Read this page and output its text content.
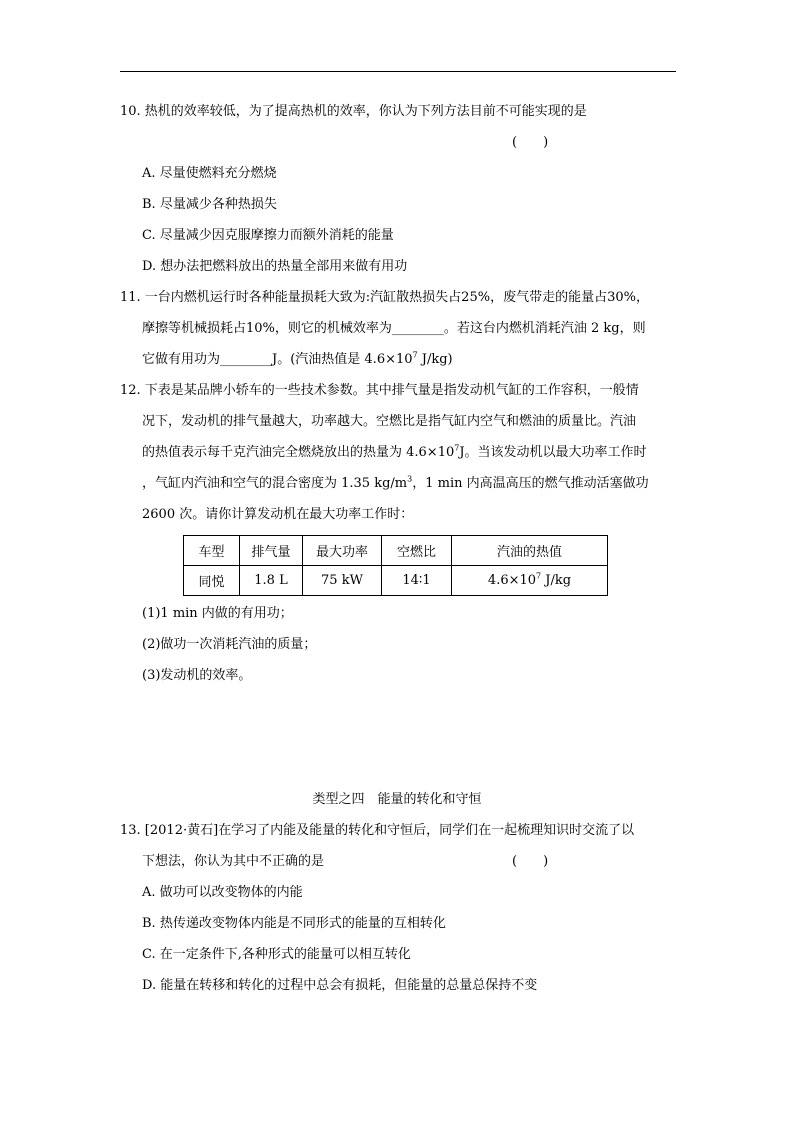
10. 热机的效率较低，为了提高热机的效率，你认为下列方法目前不可能实现的是
(　　)
A. 尽量使燃料充分燃烧
B. 尽量减少各种热损失
C. 尽量减少因克服摩擦力而额外消耗的能量
D. 想办法把燃料放出的热量全部用来做有用功
11. 一台内燃机运行时各种能量损耗大致为:汽缸散热损失占25%，废气带走的能量占30%，
摩擦等机械损耗占10%，则它的机械效率为________。若这台内燃机消耗汽油 2 kg，则
它做有用功为________J。(汽油热值是 $4.6\times 10^7$ J/kg)
12. 下表是某品牌小轿车的一些技术参数。其中排气量是指发动机气缸的工作容积，一般情
况下，发动机的排气量越大，功率越大。空燃比是指气缸内空气和燃油的质量比。汽油
的热值表示每千克汽油完全燃烧放出的热量为 $4.6\times 10^7J$。当该发动机以最大功率工作时
，气缸内汽油和空气的混合密度为 1.35 $kg/m^3$，1 min 内高温高压的燃气推动活塞做功
2600 次。请你计算发动机在最大功率工作时：
车型	排气量	最大功率	空燃比	汽油的热值
同悦	1.8 L	75 kW	14∶1	$4.6\times 10^7$ J/kg
(1)1 min 内做的有用功；
(2)做功一次消耗汽油的质量；
(3)发动机的效率。
类型之四　能量的转化和守恒
13. [2012·黄石]在学习了内能及能量的转化和守恒后，同学们在一起梳理知识时交流了以
下想法，你认为其中不正确的是	(　　)
A. 做功可以改变物体的内能
B. 热传递改变物体内能是不同形式的能量的互相转化
C. 在一定条件下,各种形式的能量可以相互转化
D. 能量在转移和转化的过程中总会有损耗，但能量的总量总保持不变
